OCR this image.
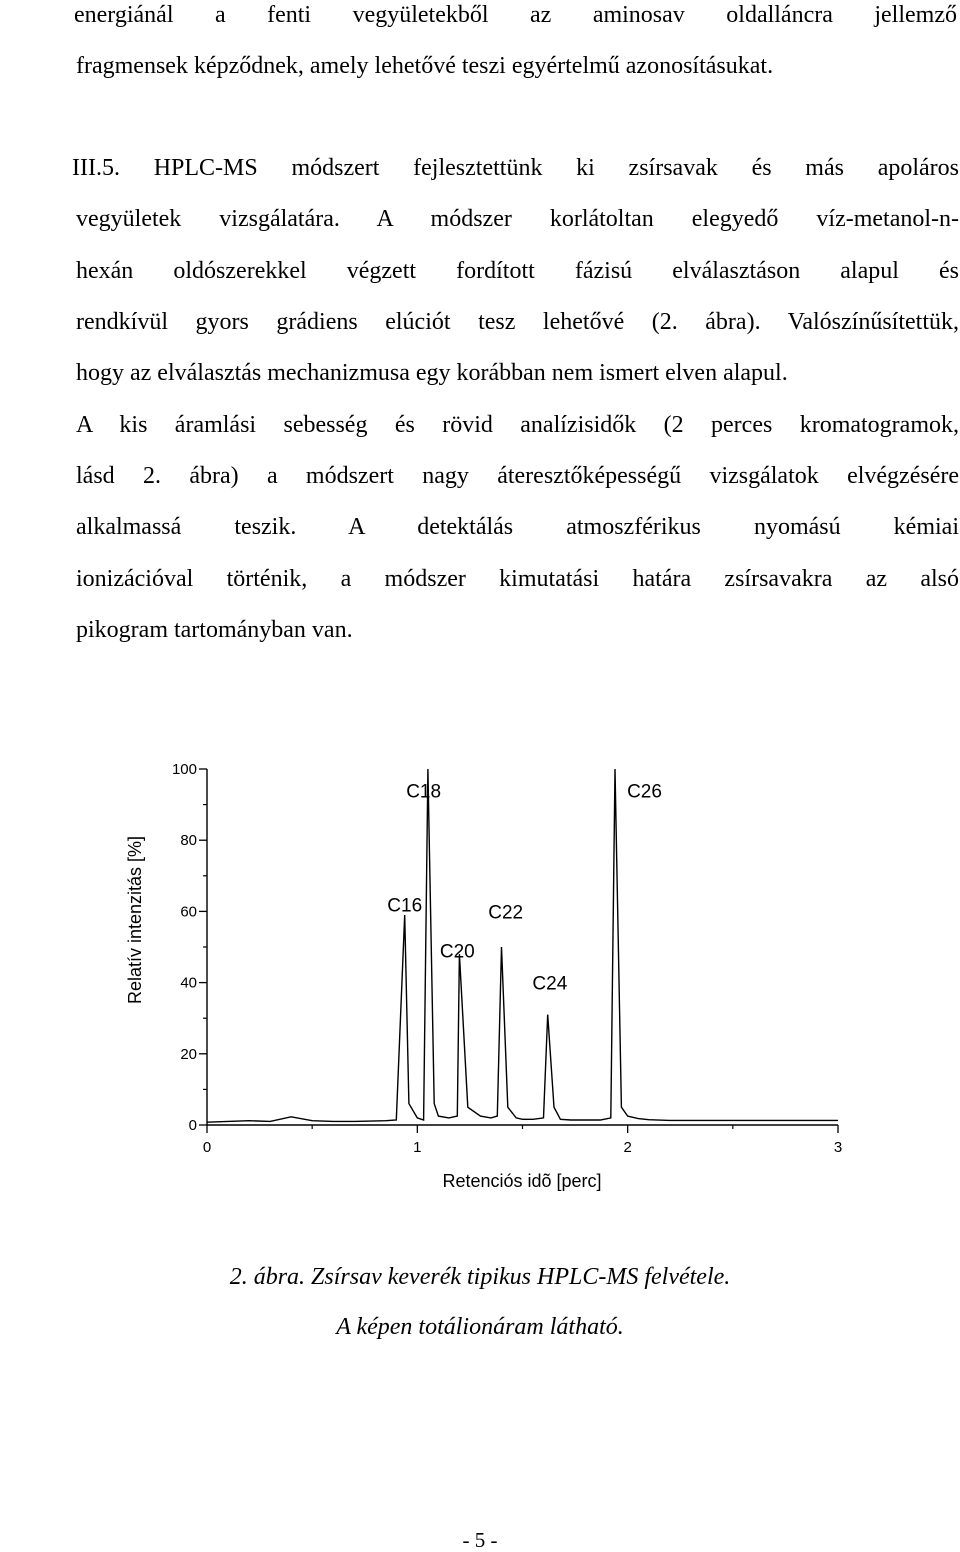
energiánál a fenti vegyületekből az aminosav oldalláncra jellemző
fragmensek képződnek, amely lehetővé teszi egyértelmű azonosításukat.
III.5. HPLC-MS módszert fejlesztettünk ki zsírsavak és más apoláros
vegyületek vizsgálatára. A módszer korlátoltan elegyedő víz-metanol-n-
hexán oldószerekkel végzett fordított fázisú elválasztáson alapul és
rendkívül gyors grádiens elúciót tesz lehetővé (2. ábra). Valószínűsítettük,
hogy az elválasztás mechanizmusa egy korábban nem ismert elven alapul.
A kis áramlási sebesség és rövid analízisidők (2 perces kromatogramok,
lásd 2. ábra) a módszert nagy áteresztőképességű vizsgálatok elvégzésére
alkalmassá teszik. A detektálás atmoszférikus nyomású kémiai
ionizációval történik, a módszer kimutatási határa zsírsavakra az alsó
pikogram tartományban van.
0
20
40
60
80
100
0	1	2	3
C16
C18
C20
C22
C24
C26
Retenciós idõ [perc]
Relatív intenzitás [%]
2. ábra. Zsírsav keverék tipikus HPLC-MS felvétele.
A képen totálionáram látható.
- 5 -
